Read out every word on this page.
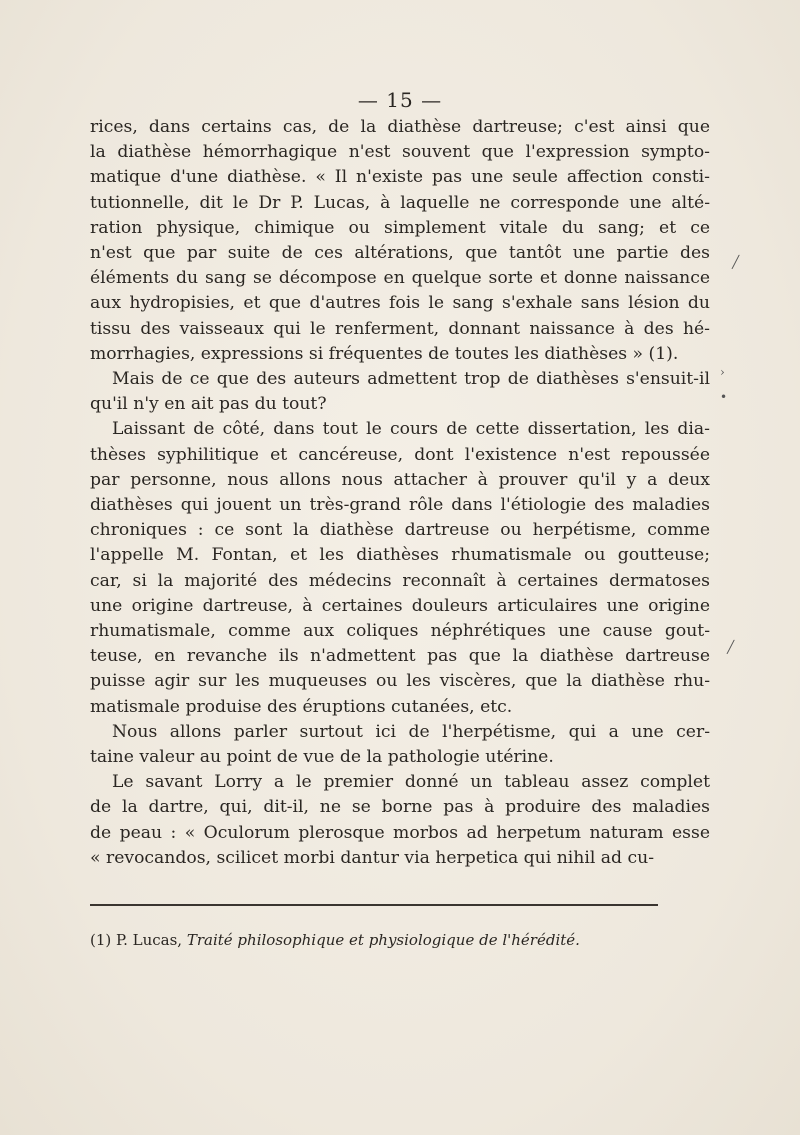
— 15 —

rices, dans certains cas, de la diathèse dartreuse; c'est ainsi que
la diathèse hémorrhagique n'est souvent que l'expression sympto-
matique d'une diathèse. « Il n'existe pas une seule affection consti-
tutionnelle, dit le Dr P. Lucas, à laquelle ne corresponde une alté-
ration physique, chimique ou simplement vitale du sang; et ce
n'est que par suite de ces altérations, que tantôt une partie des
éléments du sang se décompose en quelque sorte et donne naissance
aux hydropisies, et que d'autres fois le sang s'exhale sans lésion du
tissu des vaisseaux qui le renferment, donnant naissance à des hé-
morrhagies, expressions si fréquentes de toutes les diathèses » (1).

Mais de ce que des auteurs admettent trop de diathèses s'ensuit-il
qu'il n'y en ait pas du tout?

Laissant de côté, dans tout le cours de cette dissertation, les dia-
thèses syphilitique et cancéreuse, dont l'existence n'est repoussée
par personne, nous allons nous attacher à prouver qu'il y a deux
diathèses qui jouent un très-grand rôle dans l'étiologie des maladies
chroniques : ce sont la diathèse dartreuse ou herpétisme, comme
l'appelle M. Fontan, et les diathèses rhumatismale ou goutteuse;
car, si la majorité des médecins reconnaît à certaines dermatoses
une origine dartreuse, à certaines douleurs articulaires une origine
rhumatismale, comme aux coliques néphrétiques une cause gout-
teuse, en revanche ils n'admettent pas que la diathèse dartreuse
puisse agir sur les muqueuses ou les viscères, que la diathèse rhu-
matismale produise des éruptions cutanées, etc.

Nous allons parler surtout ici de l'herpétisme, qui a une cer-
taine valeur au point de vue de la pathologie utérine.

Le savant Lorry a le premier donné un tableau assez complet
de la dartre, qui, dit-il, ne se borne pas à produire des maladies
de peau : « Oculorum plerosque morbos ad herpetum naturam esse
« revocandos, scilicet morbi dantur via herpetica qui nihil ad cu-

(1) P. Lucas, Traité philosophique et physiologique de l'hérédité.
╱
›
•
╱
